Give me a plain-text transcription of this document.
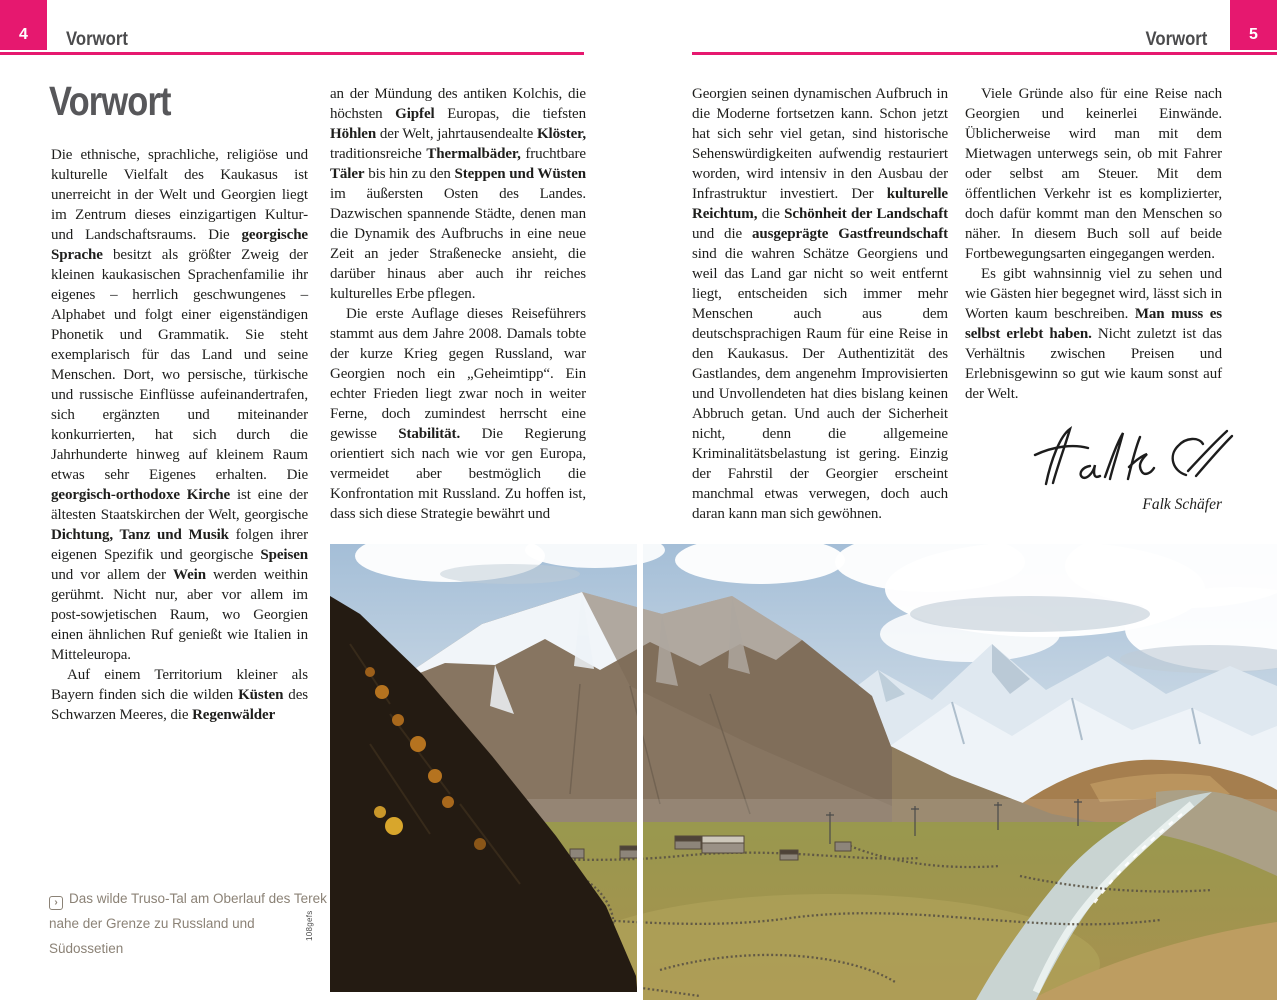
4 Vorwort	Vorwort	5
Vorwort

Die ethnische, sprachliche, religiöse und kulturelle Vielfalt des Kaukasus ist unerreicht in der Welt und Georgien liegt im Zentrum dieses einzigartigen Kultur- und Landschaftsraums. Die georgische Sprache besitzt als größter Zweig der kleinen kaukasischen Sprachenfamilie ihr eigenes – herrlich geschwungenes – Alphabet und folgt einer eigenständigen Phonetik und Grammatik. Sie steht exemplarisch für das Land und seine Menschen. Dort, wo persische, türkische und russische Einflüsse aufeinandertrafen, sich ergänzten und miteinander konkurrierten, hat sich durch die Jahrhunderte hinweg auf kleinem Raum etwas sehr Eigenes erhalten. Die georgisch-orthodoxe Kirche ist eine der ältesten Staatskirchen der Welt, georgische Dichtung, Tanz und Musik folgen ihrer eigenen Spezifik und georgische Speisen und vor allem der Wein werden weithin gerühmt. Nicht nur, aber vor allem im post-sowjetischen Raum, wo Georgien einen ähnlichen Ruf genießt wie Italien in Mitteleuropa.

Auf einem Territorium kleiner als Bayern finden sich die wilden Küsten des Schwarzen Meeres, die Regenwälder

an der Mündung des antiken Kolchis, die höchsten Gipfel Europas, die tiefsten Höhlen der Welt, jahrtausendealte Klöster, traditionsreiche Thermalbäder, fruchtbare Täler bis hin zu den Steppen und Wüsten im äußersten Osten des Landes. Dazwischen spannende Städte, denen man die Dynamik des Aufbruchs in eine neue Zeit an jeder Straßenecke ansieht, die darüber hinaus aber auch ihr reiches kulturelles Erbe pflegen.

Die erste Auflage dieses Reiseführers stammt aus dem Jahre 2008. Damals tobte der kurze Krieg gegen Russland, war Georgien noch ein „Geheimtipp“. Ein echter Frieden liegt zwar noch in weiter Ferne, doch zumindest herrscht eine gewisse Stabilität. Die Regierung orientiert sich nach wie vor gen Europa, vermeidet aber bestmöglich die Konfrontation mit Russland. Zu hoffen ist, dass sich diese Strategie bewährt und

Georgien seinen dynamischen Aufbruch in die Moderne fortsetzen kann. Schon jetzt hat sich sehr viel getan, sind historische Sehenswürdigkeiten aufwendig restauriert worden, wird intensiv in den Ausbau der Infrastruktur investiert. Der kulturelle Reichtum, die Schönheit der Landschaft und die ausgeprägte Gastfreundschaft sind die wahren Schätze Georgiens und weil das Land gar nicht so weit entfernt liegt, entscheiden sich immer mehr Menschen auch aus dem deutschsprachigen Raum für eine Reise in den Kaukasus. Der Authentizität des Gastlandes, dem angenehm Improvisierten und Unvollendeten hat dies bislang keinen Abbruch getan. Und auch der Sicherheit nicht, denn die allgemeine Kriminalitätsbelastung ist gering. Einzig der Fahrstil der Georgier erscheint manchmal etwas verwegen, doch auch daran kann man sich gewöhnen.

Viele Gründe also für eine Reise nach Georgien und keinerlei Einwände. Üblicherweise wird man mit dem Mietwagen unterwegs sein, ob mit Fahrer oder selbst am Steuer. Mit dem öffentlichen Verkehr ist es komplizierter, doch dafür kommt man den Menschen so näher. In diesem Buch soll auf beide Fortbewegungsarten eingegangen werden.

Es gibt wahnsinnig viel zu sehen und wie Gästen hier begegnet wird, lässt sich in Worten kaum beschreiben. Man muss es selbst erlebt haben. Nicht zuletzt ist das Verhältnis zwischen Preisen und Erlebnisgewinn so gut wie kaum sonst auf der Welt.

Falk Schäfer
› Das wilde Truso-Tal am Oberlauf des Terek nahe der Grenze zu Russland und Südossetien
108gefs
